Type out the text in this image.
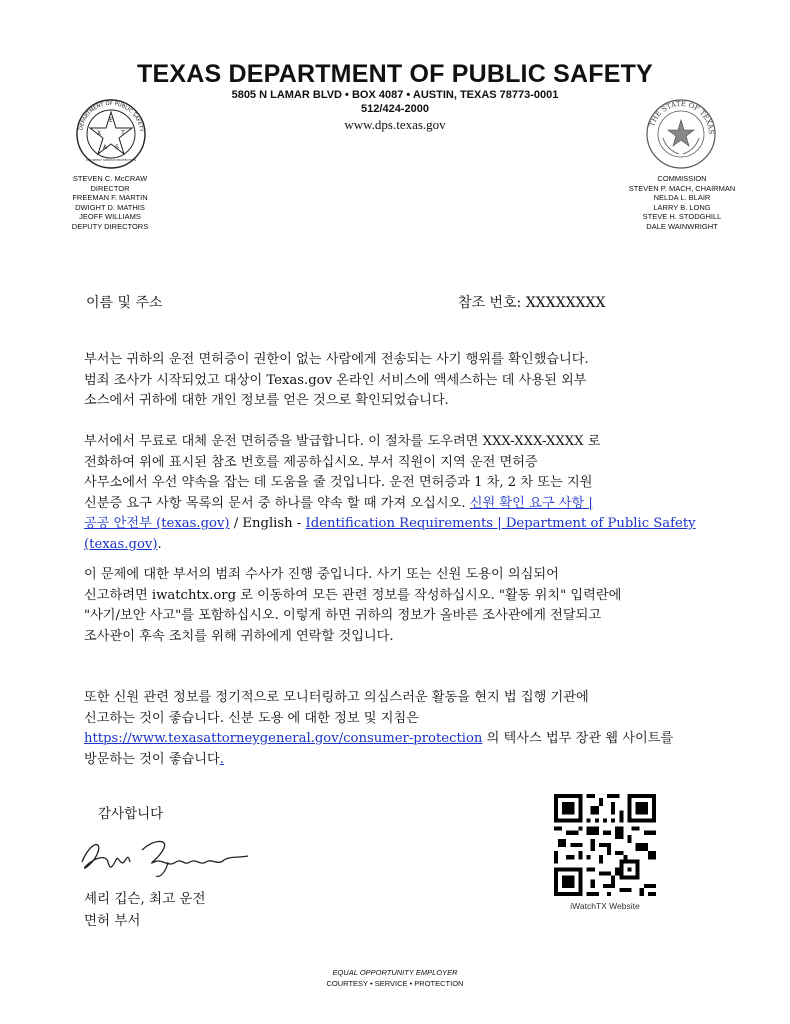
TEXAS DEPARTMENT OF PUBLIC SAFETY
5805 N LAMAR BLVD • BOX 4087 • AUSTIN, TEXAS 78773-0001
512/424-2000
www.dps.texas.gov
DEPARTMENT OF PUBLIC SAFETY
E
X	T
A S
COURTESY SERVICE PROTECTION
THE STATE OF TEXAS
STEVEN C. McCRAW
DIRECTOR
FREEMAN F. MARTIN
DWIGHT D. MATHIS
JEOFF WILLIAMS
DEPUTY DIRECTORS
COMMISSION
STEVEN P. MACH, CHAIRMAN
NELDA L. BLAIR
LARRY B. LONG
STEVE H. STODGHILL
DALE WAINWRIGHT
이름 및 주소	참조 번호: XXXXXXXX
부서는 귀하의 운전 면허증이 권한이 없는 사람에게 전송되는 사기 행위를 확인했습니다.
범죄 조사가 시작되었고 대상이 Texas.gov 온라인 서비스에 액세스하는 데 사용된 외부
소스에서 귀하에 대한 개인 정보를 얻은 것으로 확인되었습니다.
부서에서 무료로 대체 운전 면허증을 발급합니다. 이 절차를 도우려면 XXX-XXX-XXXX 로
전화하여 위에 표시된 참조 번호를 제공하십시오. 부서 직원이 지역 운전 면허증
사무소에서 우선 약속을 잡는 데 도움을 줄 것입니다. 운전 면허증과 1 차, 2 차 또는 지원
신분증 요구 사항 목록의 문서 중 하나를 약속 할 때 가져 오십시오. 신원 확인 요구 사항 |
공공 안전부 (texas.gov) / English - Identification Requirements | Department of Public Safety
(texas.gov).
이 문제에 대한 부서의 범죄 수사가 진행 중입니다. 사기 또는 신원 도용이 의심되어
신고하려면 iwatchtx.org 로 이동하여 모든 관련 정보를 작성하십시오. "활동 위치" 입력란에
"사기/보안 사고"를 포함하십시오. 이렇게 하면 귀하의 정보가 올바른 조사관에게 전달되고
조사관이 후속 조치를 위해 귀하에게 연락할 것입니다.
또한 신원 관련 정보를 정기적으로 모니터링하고 의심스러운 활동을 현지 법 집행 기관에
신고하는 것이 좋습니다. 신분 도용 에 대한 정보 및 지침은
https://www.texasattorneygeneral.gov/consumer-protection 의 텍사스 법무 장관 웹 사이트를
방문하는 것이 좋습니다.
감사합니다
셰리 깁슨, 최고 운전
면허 부서
iWatchTX Website
EQUAL OPPORTUNITY EMPLOYER
COURTESY • SERVICE • PROTECTION
